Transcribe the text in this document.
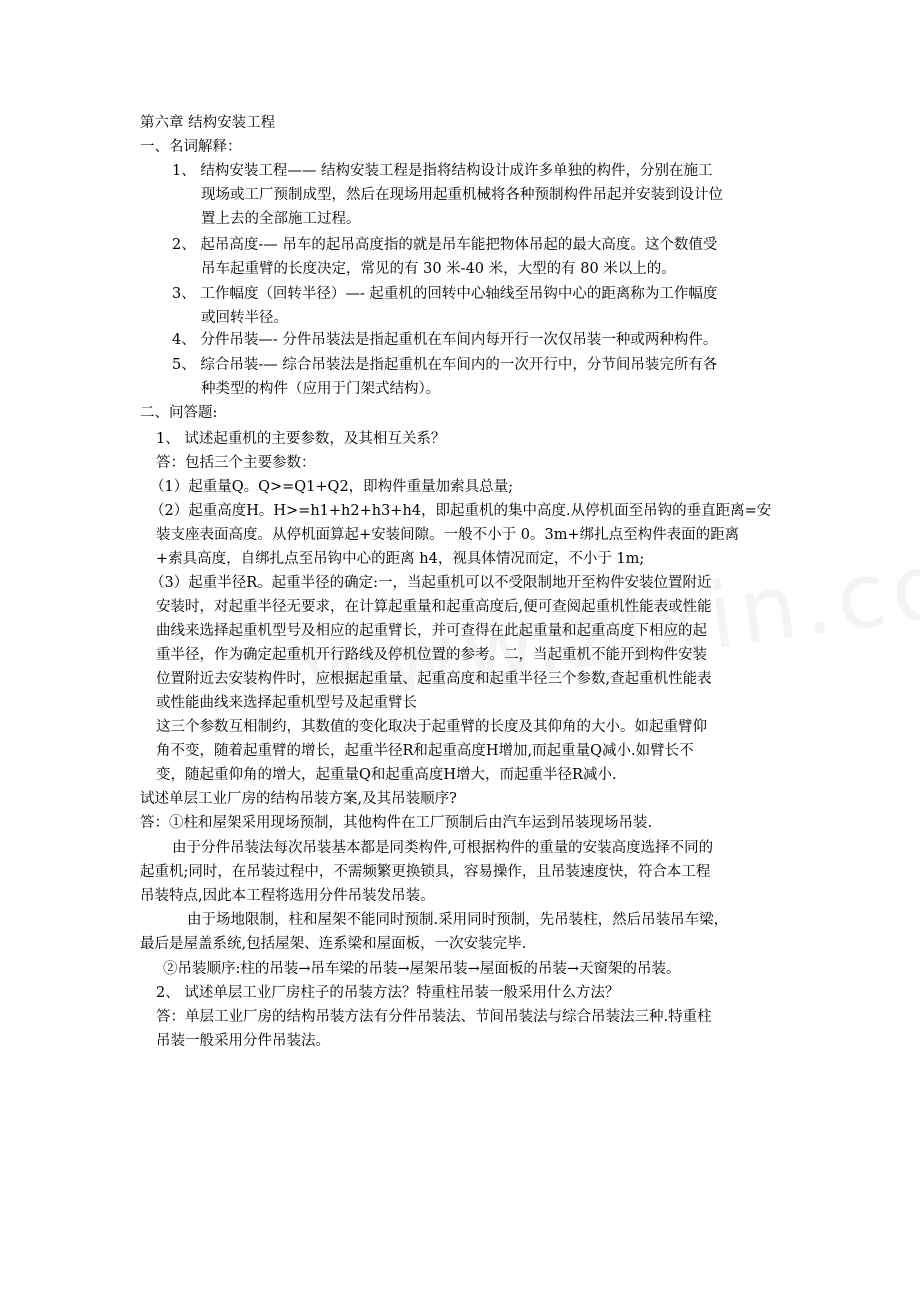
第六章 结构安装工程
一、名词解释：
1、 结构安装工程—— 结构安装工程是指将结构设计成许多单独的构件，分别在施工
现场或工厂预制成型，然后在现场用起重机械将各种预制构件吊起并安装到设计位
置上去的全部施工过程。
2、 起吊高度-— 吊车的起吊高度指的就是吊车能把物体吊起的最大高度。这个数值受
吊车起重臂的长度决定，常见的有 30 米-40 米，大型的有 80 米以上的。
3、 工作幅度（回转半径）—- 起重机的回转中心轴线至吊钩中心的距离称为工作幅度
或回转半径。
4、 分件吊装—- 分件吊装法是指起重机在车间内每开行一次仅吊装一种或两种构件。
5、 综合吊装-— 综合吊装法是指起重机在车间内的一次开行中，分节间吊装完所有各
种类型的构件（应用于门架式结构）。
二、问答题:
1、 试述起重机的主要参数，及其相互关系？
答：包括三个主要参数：
（1）起重量Q。Q>=Q1+Q2，即构件重量加索具总量;
（2）起重高度H。H>=h1+h2+h3+h4，即起重机的集中高度.从停机面至吊钩的垂直距离=安
装支座表面高度。从停机面算起+安装间隙。一般不小于 0。3m+绑扎点至构件表面的距离
+索具高度，自绑扎点至吊钩中心的距离 h4，视具体情况而定，不小于 1m;
（3）起重半径R。起重半径的确定:一，当起重机可以不受限制地开至构件安装位置附近
安装时，对起重半径无要求，在计算起重量和起重高度后,便可查阅起重机性能表或性能
曲线来选择起重机型号及相应的起重臂长，并可查得在此起重量和起重高度下相应的起
重半径，作为确定起重机开行路线及停机位置的参考。二，当起重机不能开到构件安装
位置附近去安装构件时，应根据起重量、起重高度和起重半径三个参数,查起重机性能表
或性能曲线来选择起重机型号及起重臂长
这三个参数互相制约，其数值的变化取决于起重臂的长度及其仰角的大小。如起重臂仰
角不变，随着起重臂的增长，起重半径R和起重高度H增加,而起重量Q减小.如臂长不
变，随起重仰角的增大，起重量Q和起重高度H增大，而起重半径R减小.
试述单层工业厂房的结构吊装方案,及其吊装顺序?
答：①柱和屋架采用现场预制，其他构件在工厂预制后由汽车运到吊装现场吊装.
由于分件吊装法每次吊装基本都是同类构件,可根据构件的重量的安装高度选择不同的
起重机;同时，在吊装过程中，不需频繁更换锁具，容易操作，且吊装速度快，符合本工程
吊装特点,因此本工程将选用分件吊装发吊装。
由于场地限制，柱和屋架不能同时预制.采用同时预制，先吊装柱，然后吊装吊车梁，
最后是屋盖系统,包括屋架、连系梁和屋面板，一次安装完毕.
②吊装顺序:柱的吊装→吊车梁的吊装→屋架吊装→屋面板的吊装→天窗架的吊装。
2、 试述单层工业厂房柱子的吊装方法？特重柱吊装一般采用什么方法？
答：单层工业厂房的结构吊装方法有分件吊装法、节间吊装法与综合吊装法三种.特重柱
吊装一般采用分件吊装法。
